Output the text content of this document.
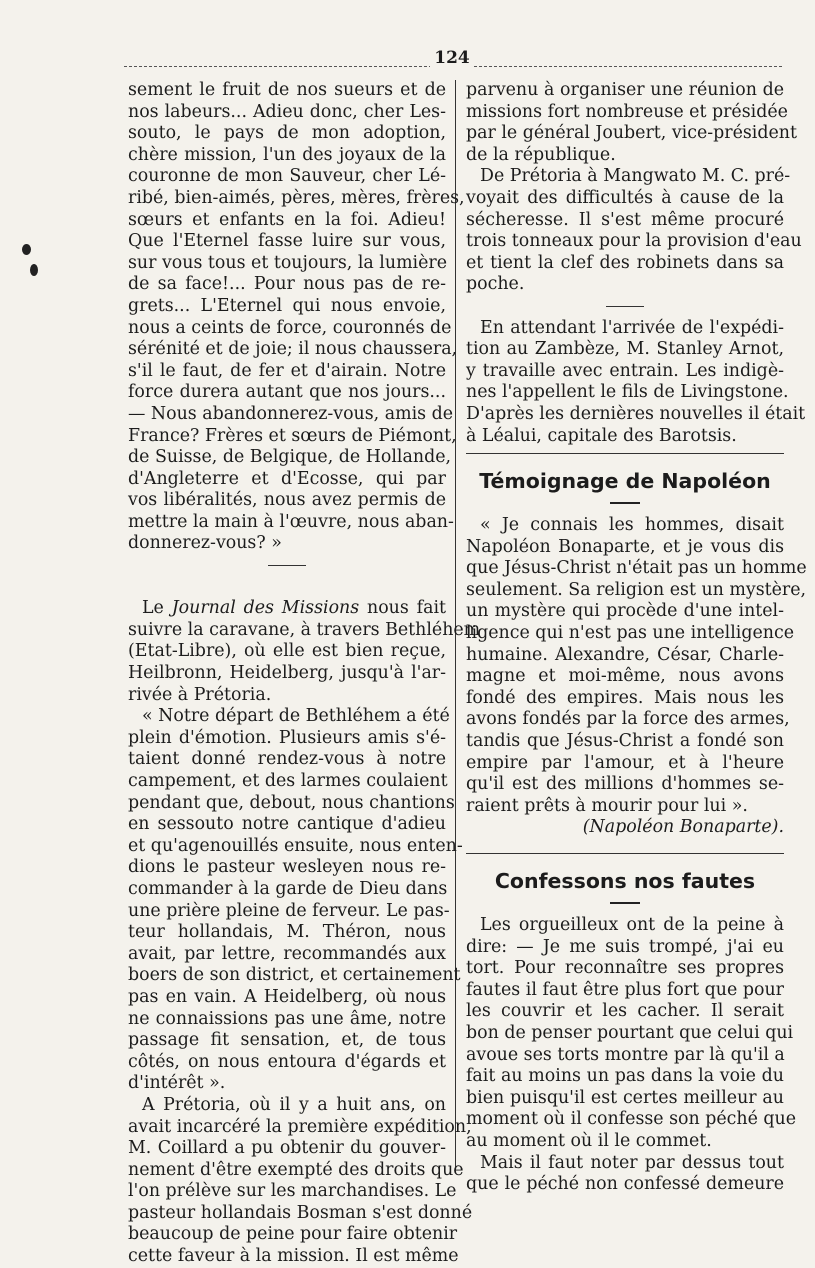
124
sement le fruit de nos sueurs et de
nos labeurs... Adieu donc, cher Les-
souto, le pays de mon adoption,
chère mission, l'un des joyaux de la
couronne de mon Sauveur, cher Lé-
ribé, bien-aimés, pères, mères, frères,
sœurs et enfants en la foi. Adieu!
Que l'Eternel fasse luire sur vous,
sur vous tous et toujours, la lumière
de sa face!... Pour nous pas de re-
grets... L'Eternel qui nous envoie,
nous a ceints de force, couronnés de
sérénité et de joie; il nous chaussera,
s'il le faut, de fer et d'airain. Notre
force durera autant que nos jours...
— Nous abandonnerez-vous, amis de
France? Frères et sœurs de Piémont,
de Suisse, de Belgique, de Hollande,
d'Angleterre et d'Ecosse, qui par
vos libéralités, nous avez permis de
mettre la main à l'œuvre, nous aban-
donnerez-vous? »
Le Journal des Missions nous fait
suivre la caravane, à travers Bethléhem
(Etat-Libre), où elle est bien reçue,
Heilbronn, Heidelberg, jusqu'à l'ar-
rivée à Prétoria.
« Notre départ de Bethléhem a été
plein d'émotion. Plusieurs amis s'é-
taient donné rendez-vous à notre
campement, et des larmes coulaient
pendant que, debout, nous chantions
en sessouto notre cantique d'adieu
et qu'agenouillés ensuite, nous enten-
dions le pasteur wesleyen nous re-
commander à la garde de Dieu dans
une prière pleine de ferveur. Le pas-
teur hollandais, M. Théron, nous
avait, par lettre, recommandés aux
boers de son district, et certainement
pas en vain. A Heidelberg, où nous
ne connaissions pas une âme, notre
passage fit sensation, et, de tous
côtés, on nous entoura d'égards et
d'intérêt ».
A Prétoria, où il y a huit ans, on
avait incarcéré la première expédition,
M. Coillard a pu obtenir du gouver-
nement d'être exempté des droits que
l'on prélève sur les marchandises. Le
pasteur hollandais Bosman s'est donné
beaucoup de peine pour faire obtenir
cette faveur à la mission. Il est même
parvenu à organiser une réunion de
missions fort nombreuse et présidée
par le général Joubert, vice-président
de la république.
De Prétoria à Mangwato M. C. pré-
voyait des difficultés à cause de la
sécheresse. Il s'est même procuré
trois tonneaux pour la provision d'eau
et tient la clef des robinets dans sa
poche.
En attendant l'arrivée de l'expédi-
tion au Zambèze, M. Stanley Arnot,
y travaille avec entrain. Les indigè-
nes l'appellent le fils de Livingstone.
D'après les dernières nouvelles il était
à Léalui, capitale des Barotsis.
Témoignage de Napoléon
« Je connais les hommes, disait
Napoléon Bonaparte, et je vous dis
que Jésus-Christ n'était pas un homme
seulement. Sa religion est un mystère,
un mystère qui procède d'une intel-
ligence qui n'est pas une intelligence
humaine. Alexandre, César, Charle-
magne et moi-même, nous avons
fondé des empires. Mais nous les
avons fondés par la force des armes,
tandis que Jésus-Christ a fondé son
empire par l'amour, et à l'heure
qu'il est des millions d'hommes se-
raient prêts à mourir pour lui ».
(Napoléon Bonaparte).
Confessons nos fautes
Les orgueilleux ont de la peine à
dire: — Je me suis trompé, j'ai eu
tort. Pour reconnaître ses propres
fautes il faut être plus fort que pour
les couvrir et les cacher. Il serait
bon de penser pourtant que celui qui
avoue ses torts montre par là qu'il a
fait au moins un pas dans la voie du
bien puisqu'il est certes meilleur au
moment où il confesse son péché que
au moment où il le commet.
Mais il faut noter par dessus tout
que le péché non confessé demeure
